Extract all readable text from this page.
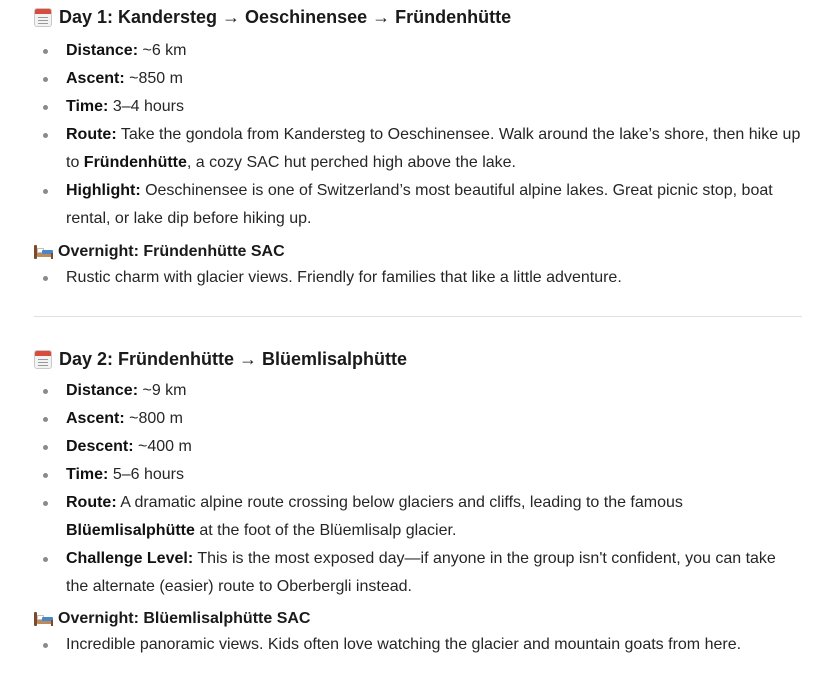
Day 1: Kandersteg → Oeschinensee → Fründenhütte
Distance: ~6 km
Ascent: ~850 m
Time: 3–4 hours
Route: Take the gondola from Kandersteg to Oeschinensee. Walk around the lake’s shore, then hike up to Fründenhütte, a cozy SAC hut perched high above the lake.
Highlight: Oeschinensee is one of Switzerland’s most beautiful alpine lakes. Great picnic stop, boat rental, or lake dip before hiking up.
Overnight: Fründenhütte SAC
Rustic charm with glacier views. Friendly for families that like a little adventure.
Day 2: Fründenhütte → Blüemlisalphütte
Distance: ~9 km
Ascent: ~800 m
Descent: ~400 m
Time: 5–6 hours
Route: A dramatic alpine route crossing below glaciers and cliffs, leading to the famous Blüemlisalphütte at the foot of the Blüemlisalp glacier.
Challenge Level: This is the most exposed day—if anyone in the group isn't confident, you can take the alternate (easier) route to Oberbergli instead.
Overnight: Blüemlisalphütte SAC
Incredible panoramic views. Kids often love watching the glacier and mountain goats from here.
